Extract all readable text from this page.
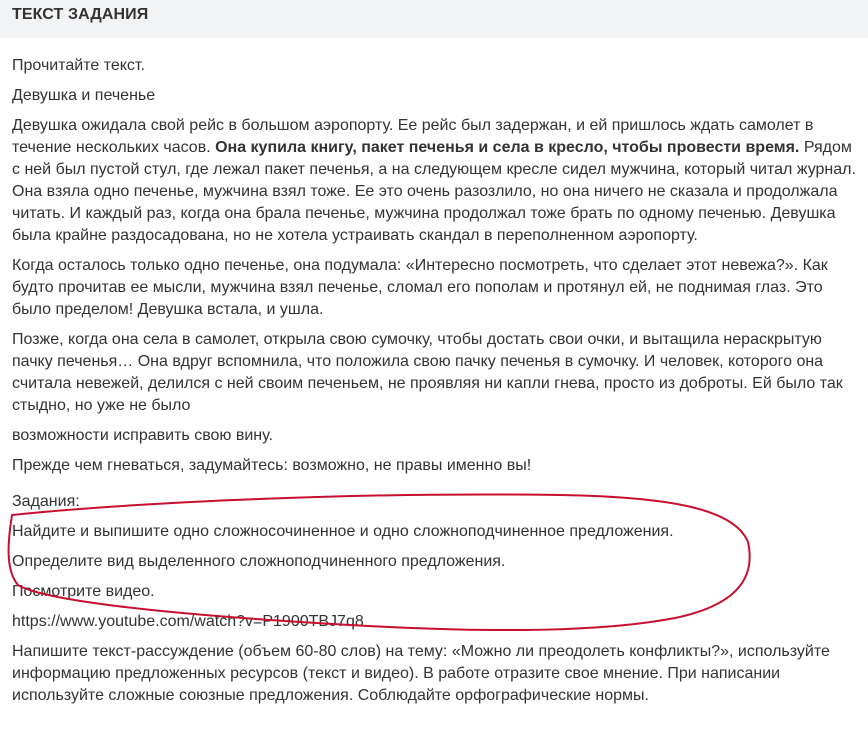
ТЕКСТ ЗАДАНИЯ

Прочитайте текст.

Девушка и печенье

Девушка ожидала свой рейс в большом аэропорту. Ее рейс был задержан, и ей пришлось ждать самолет в течение нескольких часов. Она купила книгу, пакет печенья и села в кресло, чтобы провести время. Рядом с ней был пустой стул, где лежал пакет печенья, а на следующем кресле сидел мужчина, который читал журнал. Она взяла одно печенье, мужчина взял тоже. Ее это очень разозлило, но она ничего не сказала и продолжала читать. И каждый раз, когда она брала печенье, мужчина продолжал тоже брать по одному печенью. Девушка была крайне раздосадована, но не хотела устраивать скандал в переполненном аэропорту.

Когда осталось только одно печенье, она подумала: «Интересно посмотреть, что сделает этот невежа?». Как будто прочитав ее мысли, мужчина взял печенье, сломал его пополам и протянул ей, не поднимая глаз. Это было пределом! Девушка встала, и ушла.

Позже, когда она села в самолет, открыла свою сумочку, чтобы достать свои очки, и вытащила нераскрытую пачку печенья… Она вдруг вспомнила, что положила свою пачку печенья в сумочку. И человек, которого она считала невежей, делился с ней своим печеньем, не проявляя ни капли гнева, просто из доброты. Ей было так стыдно, но уже не было

возможности исправить свою вину.

Прежде чем гневаться, задумайтесь: возможно, не правы именно вы!

Задания:

Найдите и выпишите одно сложносочиненное и одно сложноподчиненное предложения.

Определите вид выделенного сложноподчиненного предложения.

Посмотрите видео.

https://www.youtube.com/watch?v=P1900TBJ7q8

Напишите текст-рассуждение (объем 60-80 слов) на тему: «Можно ли преодолеть конфликты?», используйте информацию предложенных ресурсов (текст и видео). В работе отразите свое мнение. При написании используйте сложные союзные предложения. Соблюдайте орфографические нормы.
